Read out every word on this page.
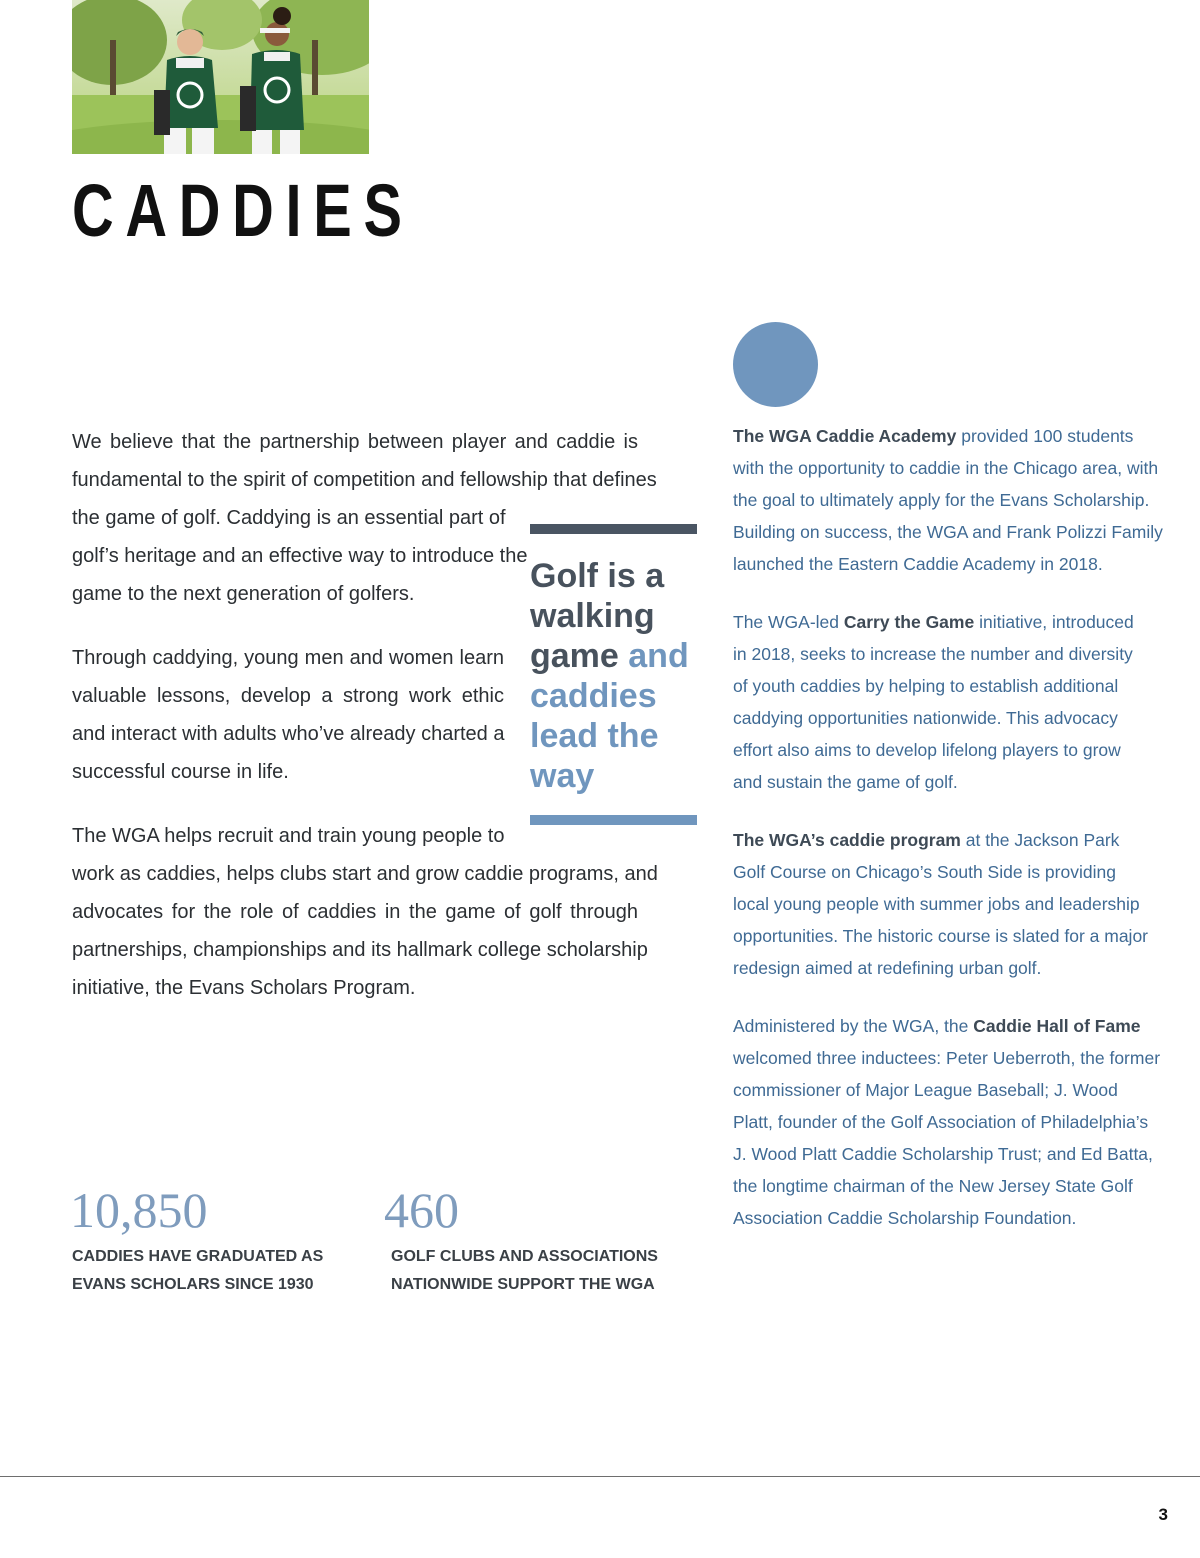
CADDIES
We believe that the partnership between player and caddie is
fundamental to the spirit of competition and fellowship that defines
the game of golf. Caddying is an essential part of
golf’s heritage and an effective way to introduce the
game to the next generation of golfers.
Through caddying, young men and women learn
valuable lessons, develop a strong work ethic
and interact with adults who’ve already charted a
successful course in life.
The WGA helps recruit and train young people to
work as caddies, helps clubs start and grow caddie programs, and
advocates for the role of caddies in the game of golf through
partnerships, championships and its hallmark college scholarship
initiative, the Evans Scholars Program.
Golf is a
walking
game and
caddies
lead the
way
The WGA Caddie Academy provided 100 students
with the opportunity to caddie in the Chicago area, with
the goal to ultimately apply for the Evans Scholarship.
Building on success, the WGA and Frank Polizzi Family
launched the Eastern Caddie Academy in 2018.
The WGA-led Carry the Game initiative, introduced
in 2018, seeks to increase the number and diversity
of youth caddies by helping to establish additional
caddying opportunities nationwide. This advocacy
effort also aims to develop lifelong players to grow
and sustain the game of golf.
The WGA’s caddie program at the Jackson Park
Golf Course on Chicago’s South Side is providing
local young people with summer jobs and leadership
opportunities. The historic course is slated for a major
redesign aimed at redefining urban golf.
Administered by the WGA, the Caddie Hall of Fame
welcomed three inductees: Peter Ueberroth, the former
commissioner of Major League Baseball; J. Wood
Platt, founder of the Golf Association of Philadelphia’s
J. Wood Platt Caddie Scholarship Trust; and Ed Batta,
the longtime chairman of the New Jersey State Golf
Association Caddie Scholarship Foundation.
10,850
CADDIES HAVE GRADUATED AS
EVANS SCHOLARS SINCE 1930
460
GOLF CLUBS AND ASSOCIATIONS
NATIONWIDE SUPPORT THE WGA
3
